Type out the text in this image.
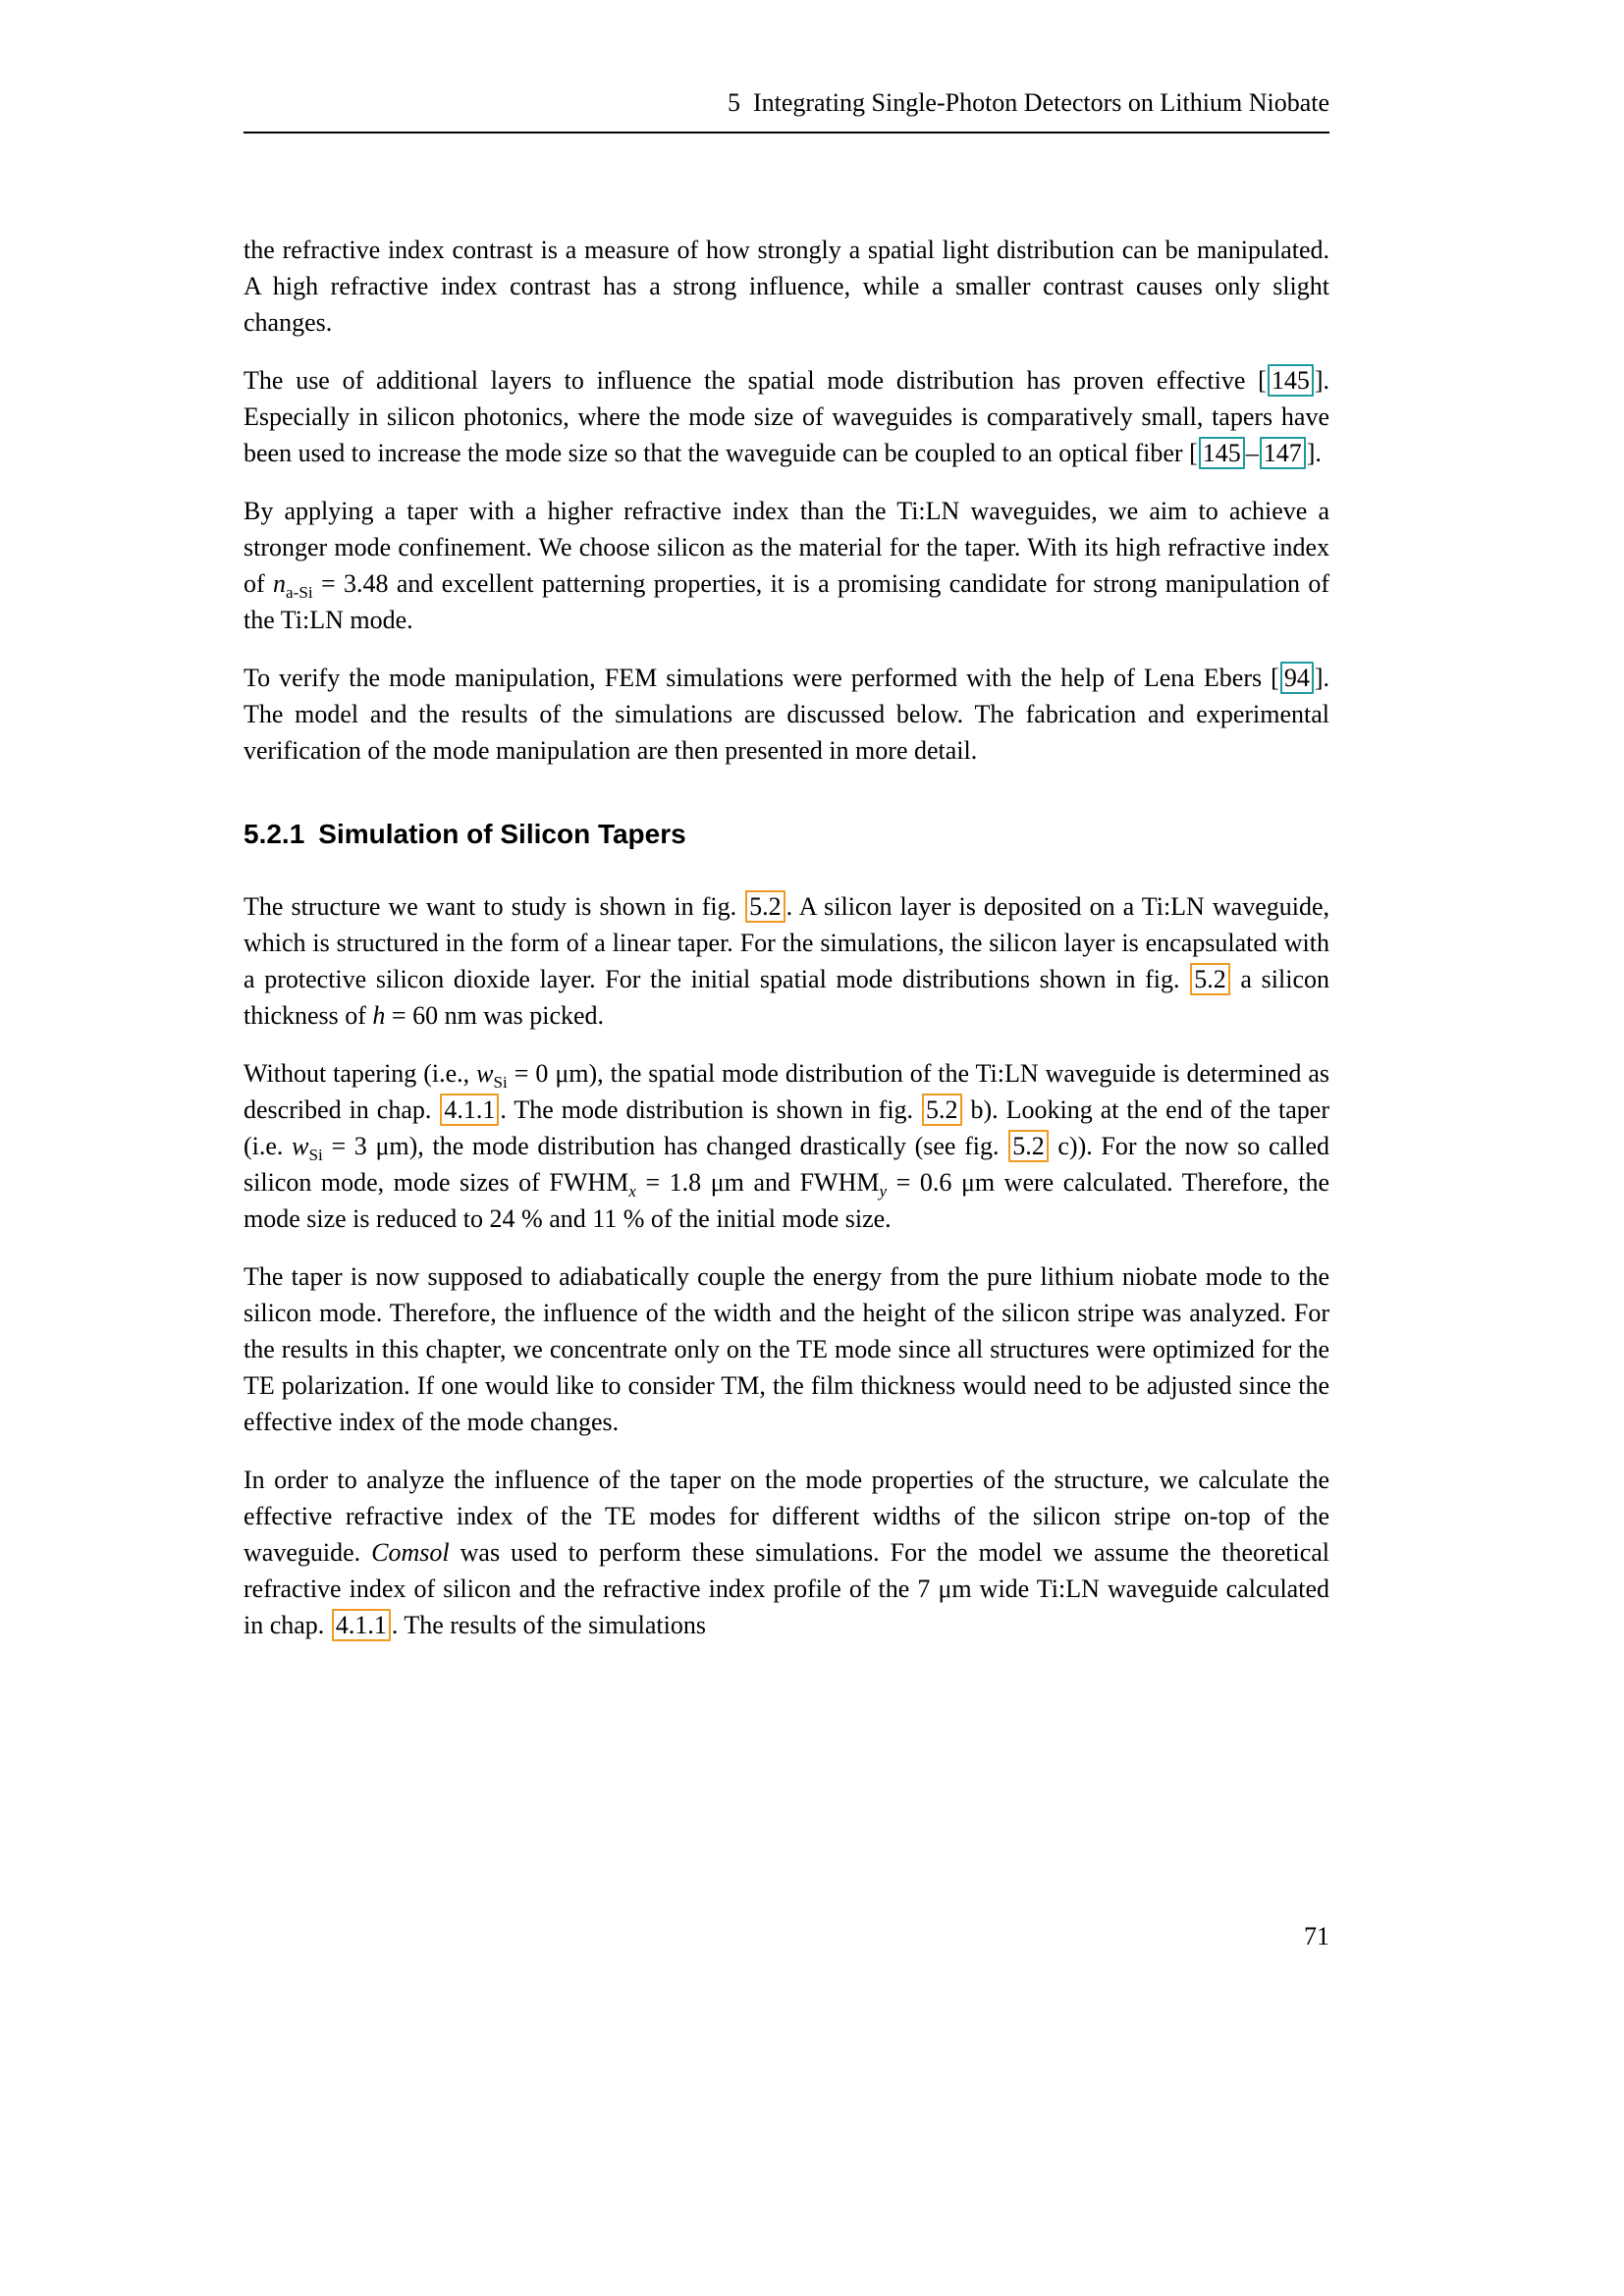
5 Integrating Single-Photon Detectors on Lithium Niobate

the refractive index contrast is a measure of how strongly a spatial light distribution can be manipulated. A high refractive index contrast has a strong influence, while a smaller contrast causes only slight changes.

The use of additional layers to influence the spatial mode distribution has proven effective [ 145 ]. Especially in silicon photonics, where the mode size of waveguides is comparatively small, tapers have been used to increase the mode size so that the waveguide can be coupled to an optical fiber [ 145 – 147 ].

By applying a taper with a higher refractive index than the Ti:LN waveguides, we aim to achieve a stronger mode confinement. We choose silicon as the material for the taper. With its high refractive index of $n_{a-Si} = 3.48$ and excellent patterning properties, it is a promising candidate for strong manipulation of the Ti:LN mode.

To verify the mode manipulation, FEM simulations were performed with the help of Lena Ebers [ 94 ]. The model and the results of the simulations are discussed below. The fabrication and experimental verification of the mode manipulation are then presented in more detail.

5.2.1 Simulation of Silicon Tapers

The structure we want to study is shown in fig. 5.2 . A silicon layer is deposited on a Ti:LN waveguide, which is structured in the form of a linear taper. For the simulations, the silicon layer is encapsulated with a protective silicon dioxide layer. For the initial spatial mode distributions shown in fig. 5.2 a silicon thickness of h = 60 nm was picked.

Without tapering (i.e., $w_{Si} = 0$ μm), the spatial mode distribution of the Ti:LN waveguide is determined as described in chap. 4.1.1 . The mode distribution is shown in fig. 5.2 b). Looking at the end of the taper (i.e. $w_{Si} = 3$ μm), the mode distribution has changed drastically (see fig. 5.2 c)). For the now so called silicon mode, mode sizes of $FWHM_x = 1.8$ μm and $FWHM_y = 0.6$ μm were calculated. Therefore, the mode size is reduced to 24 % and 11 % of the initial mode size.

The taper is now supposed to adiabatically couple the energy from the pure lithium niobate mode to the silicon mode. Therefore, the influence of the width and the height of the silicon stripe was analyzed. For the results in this chapter, we concentrate only on the TE mode since all structures were optimized for the TE polarization. If one would like to consider TM, the film thickness would need to be adjusted since the effective index of the mode changes.

In order to analyze the influence of the taper on the mode properties of the structure, we calculate the effective refractive index of the TE modes for different widths of the silicon stripe on-top of the waveguide. Comsol was used to perform these simulations. For the model we assume the theoretical refractive index of silicon and the refractive index profile of the 7 μm wide Ti:LN waveguide calculated in chap. 4.1.1 . The results of the simulations

71
